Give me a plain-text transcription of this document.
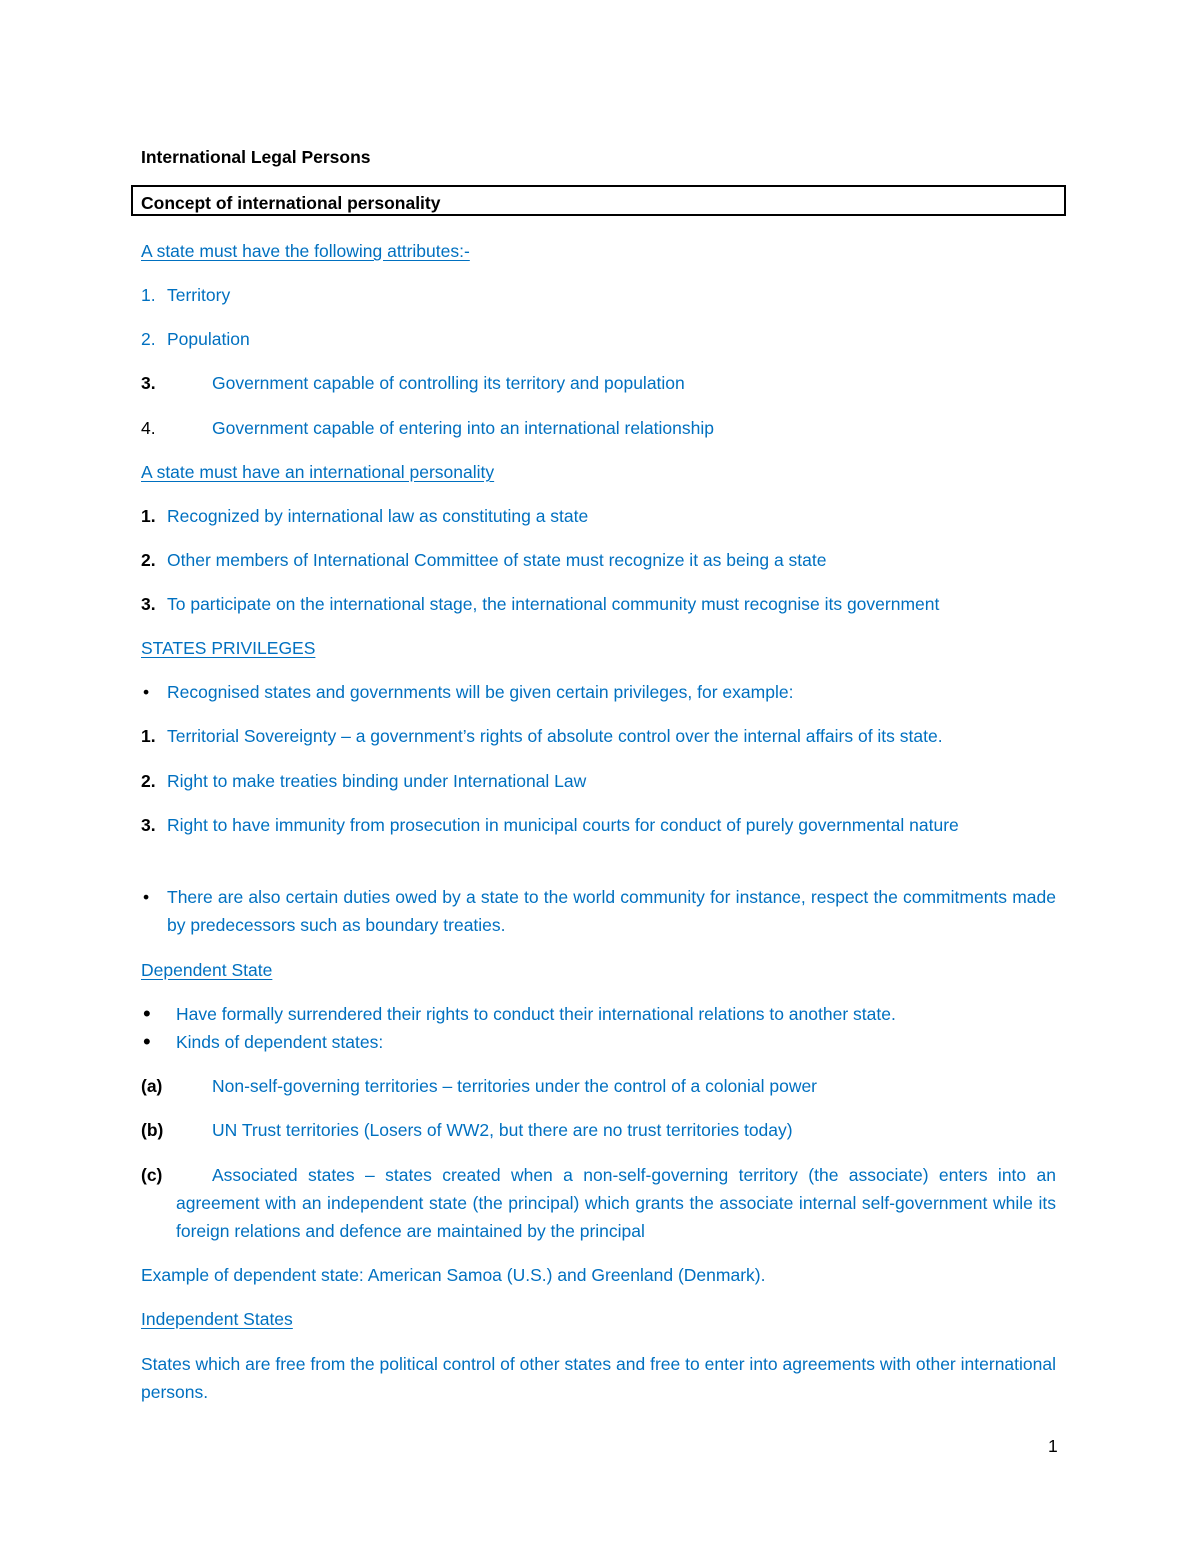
International Legal Persons
Concept of international personality
A state must have the following attributes:-
1. Territory
2. Population
3.	Government capable of controlling its territory and population
4.	Government capable of entering into an international relationship
A state must have an international personality
1. Recognized by international law as constituting a state
2. Other members of International Committee of state must recognize it as being a state
3. To participate on the international stage, the international community must recognise its government
STATES PRIVILEGES
• Recognised states and governments will be given certain privileges, for example:
1. Territorial Sovereignty – a government’s rights of absolute control over the internal affairs of its state.
2. Right to make treaties binding under International Law
3. Right to have immunity from prosecution in municipal courts for conduct of purely governmental nature
• There are also certain duties owed by a state to the world community for instance, respect the commitments made by predecessors such as boundary treaties.
Dependent State
• Have formally surrendered their rights to conduct their international relations to another state.
• Kinds of dependent states:
(a)	Non-self-governing territories – territories under the control of a colonial power
(b)	UN Trust territories (Losers of WW2, but there are no trust territories today)
(c)	Associated states – states created when a non-self-governing territory (the associate) enters into an agreement with an independent state (the principal) which grants the associate internal self-government while its foreign relations and defence are maintained by the principal
Example of dependent state: American Samoa (U.S.) and Greenland (Denmark).
Independent States
States which are free from the political control of other states and free to enter into agreements with other international persons.
1
